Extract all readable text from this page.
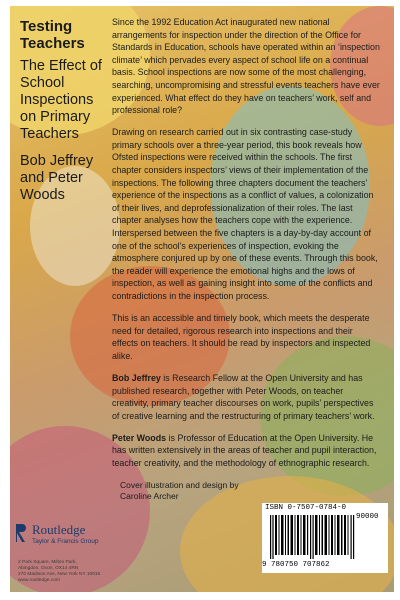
Testing Teachers

The Effect of School Inspections on Primary Teachers

Bob Jeffrey and Peter Woods

Since the 1992 Education Act inaugurated new national arrangements for inspection under the direction of the Office for Standards in Education, schools have operated within an ‘inspection climate’ which pervades every aspect of school life on a continual basis. School inspections are now some of the most challenging, searching, uncompromising and stressful events teachers have ever experienced. What effect do they have on teachers’ work, self and professional role?

Drawing on research carried out in six contrasting case-study primary schools over a three-year period, this book reveals how Ofsted inspections were received within the schools. The first chapter considers inspectors’ views of their implementation of the inspections. The following three chapters document the teachers’ experience of the inspections as a conflict of values, a colonization of their lives, and deprofessionalization of their roles. The last chapter analyses how the teachers cope with the experience. Interspersed between the five chapters is a day-by-day account of one of the school’s experiences of inspection, evoking the atmosphere conjured up by one of these events. Through this book, the reader will experience the emotional highs and the lows of inspection, as well as gaining insight into some of the conflicts and contradictions in the inspection process.

This is an accessible and timely book, which meets the desperate need for detailed, rigorous research into inspections and their effects on teachers. It should be read by inspectors and inspected alike.

Bob Jeffrey is Research Fellow at the Open University and has published research, together with Peter Woods, on teacher creativity, primary teacher discourses on work, pupils’ perspectives of creative learning and the restructuring of primary teachers’ work.

Peter Woods is Professor of Education at the Open University. He has written extensively in the areas of teacher and pupil interaction, teacher creativity, and the methodology of ethnographic research.

Cover illustration and design by Caroline Archer
Routledge
Taylor & Francis Group
2 Park Square, Milton Park,
Abingdon, Oxon, OX14 4RN
270 Madison Ave, New York NY 10016
www.routledge.com
ISBN 0-7507-0784-0
90000
9 780750 707862
